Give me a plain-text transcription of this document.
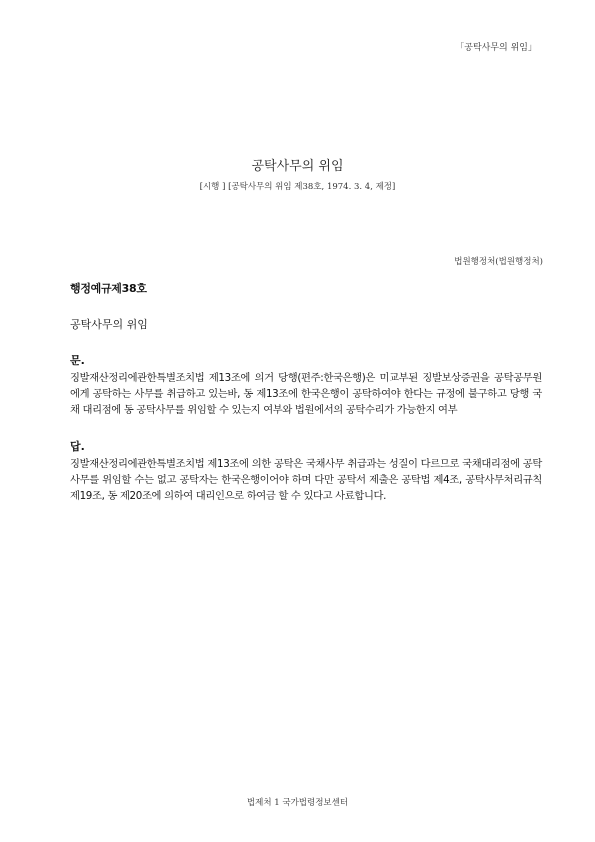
「공탁사무의 위임」
공탁사무의 위임
[시행 ] [공탁사무의 위임 제38호, 1974. 3. 4, 제정]
법원행정처(법원행정처)

행정예규제38호

공탁사무의 위임

문.

징발재산정리에관한특별조치법 제13조에 의거 당행(편주:한국은행)은 미교부된 징발보상증권을 공탁공무원에게 공탁하는 사무를 취급하고 있는바, 동 제13조에 한국은행이 공탁하여야 한다는 규정에 불구하고 당행 국채 대리점에 동 공탁사무를 위임할 수 있는지 여부와 법원에서의 공탁수리가 가능한지 여부

답.

징발재산정리에관한특별조치법 제13조에 의한 공탁은 국채사무 취급과는 성질이 다르므로 국채대리점에 공탁사무를 위임할 수는 없고 공탁자는 한국은행이어야 하며 다만 공탁서 제출은 공탁법 제4조, 공탁사무처리규칙 제19조, 동 제20조에 의하여 대리인으로 하여금 할 수 있다고 사료합니다.

법제처 1 국가법령정보센터
